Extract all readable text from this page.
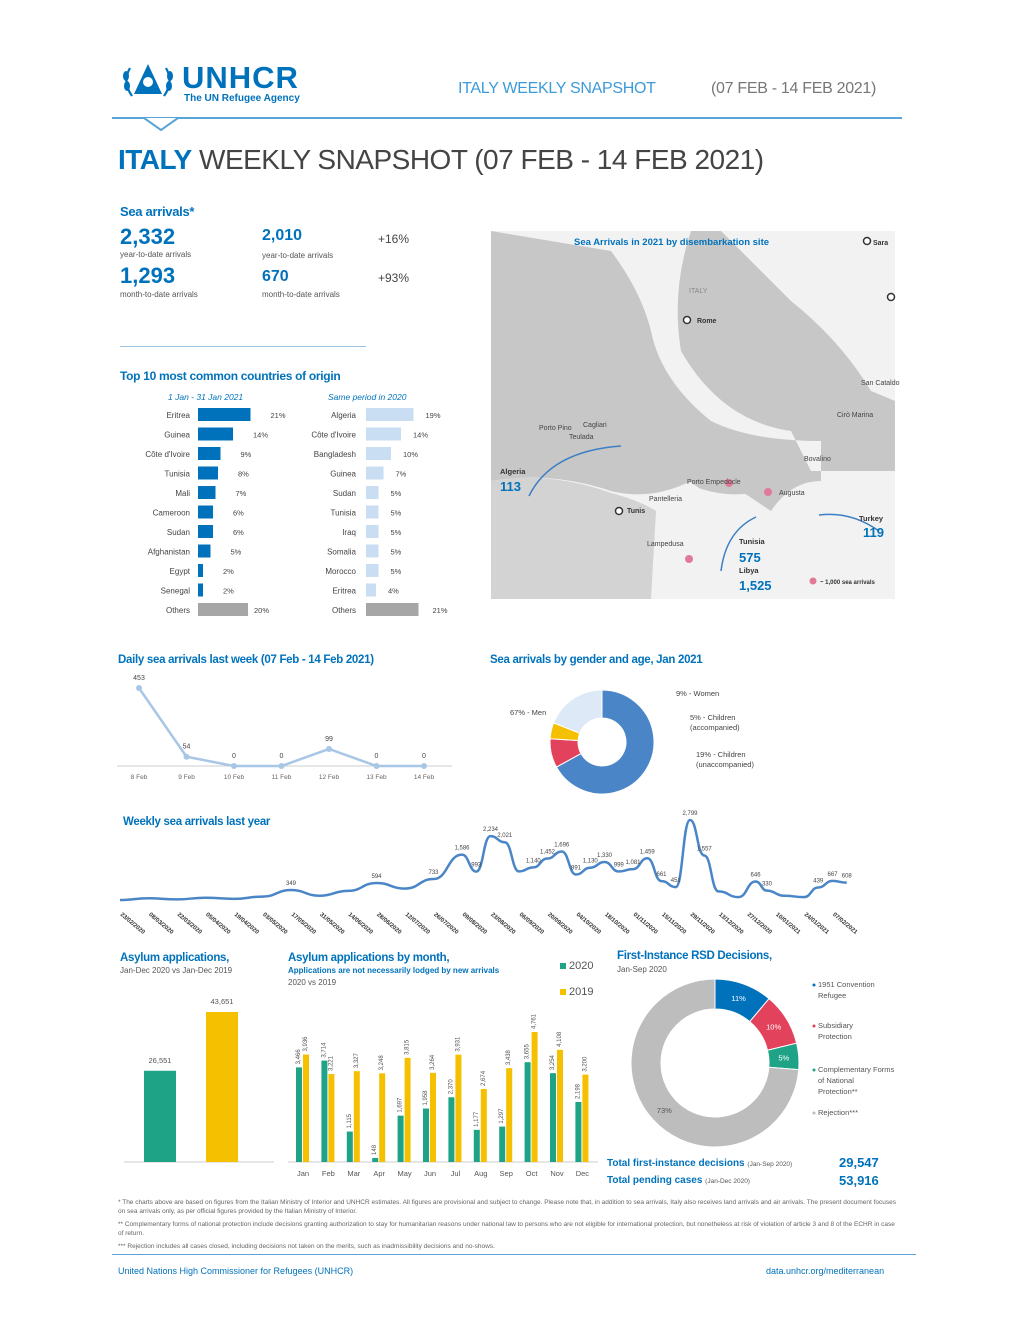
UNHCR
The UN Refugee Agency
ITALY WEEKLY SNAPSHOT	(07 FEB - 14 FEB 2021)
ITALY WEEKLY SNAPSHOT (07 FEB - 14 FEB 2021)
Sea arrivals*
2,332
year-to-date arrivals
1,293
month-to-date arrivals
2,010
year-to-date arrivals
670
month-to-date arrivals
+16%
+93%
Top 10 most common countries of origin
1 Jan - 31 Jan 2021	Same period in 2020
Eritrea	21%
Guinea	14%
Côte d'Ivoire	9%
Tunisia	8%
Mali	7%
Cameroon	6%
Sudan	6%
Afghanistan	5%
Egypt	2%
Senegal	2%
Others	20%
Algeria	19%
Côte d'Ivoire	14%
Bangladesh	10%
Guinea	7%
Sudan	5%
Tunisia	5%
Iraq	5%
Somalia	5%
Morocco	5%
Eritrea	4%
Others	21%
Sea Arrivals in 2021 by disembarkation site
Rome
ITALY
Sara
San Cataldo
Cirò Marina
Bovalino
Porto Pino Cagliari
Teulada
Porto Empedocle
Augusta
Pantelleria
Tunis
Lampedusa
Algeria
113
Turkey
119
Tunisia
575
Libya
1,525	~ 1,000 sea arrivals
Daily sea arrivals last week (07 Feb - 14 Feb 2021)
453
8 Feb
54
9 Feb
0
10 Feb
0
11 Feb
99
12 Feb
0
13 Feb
0
14 Feb
Sea arrivals by gender and age, Jan 2021
67% - Men
9% - Women
5% - Children (accompanied)
19% - Children (unaccompanied)
Weekly sea arrivals last year
349
594
733
1,586
993
2,234
2,021
1,140
1,452
1,696
891
1,130
1,330
999 1,081
1,459
661
451
2,799
1,557
646
330
439
667 608
23/02/2020 08/03/2020 22/03/2020 05/04/2020 19/04/2020 03/05/2020 17/05/2020 31/05/2020 14/06/2020 28/06/2020 12/07/2020 26/07/2020 09/08/2020 23/08/2020 06/09/2020 20/09/2020 04/10/2020 18/10/2020 01/11/2020 15/11/2020 29/11/2020 13/12/2020 27/12/2020 10/01/2021 24/01/2021 07/02/2021
Asylum applications,
Jan-Dec 2020 vs Jan-Dec 2019
26,551
43,651
Asylum applications by month,
Applications are not necessarily lodged by new arrivals
2020 vs 2019
2020
2019
3,466
3,936
Jan
3,714
3,221
Feb
1,115
3,327
Mar
148
3,248
Apr
1,697
3,815
May
1,958
3,264
Jun
2,370
3,931
Jul
1,177
2,674
Aug
1,297
3,438
Sep
3,655
4,761
Oct
3,254
4,108
Nov
2,198
3,200
Dec
First-Instance RSD Decisions,
Jan-Sep 2020
11%
10%
5%
73%
1951 Convention Refugee
Subsidiary Protection
Complementary Forms of National Protection**
Rejection***
Total first-instance decisions (Jan-Sep 2020)	29,547
Total pending cases (Jan-Dec 2020)	53,916
* The charts above are based on figures from the Italian Ministry of Interior and UNHCR estimates. All figures are provisional and subject to change. Please note that, in addition to sea arrivals, Italy also receives land arrivals and air arrivals. The present document focuses on sea arrivals only, as per official figures provided by the Italian Ministry of Interior.
** Complementary forms of national protection include decisions granting authorization to stay for humanitarian reasons under national law to persons who are not eligible for international protection, but nonetheless at risk of violation of article 3 and 8 of the ECHR in case of return.
*** Rejection includes all cases closed, including decisions not taken on the merits, such as inadmissibility decisions and no-shows.
United Nations High Commissioner for Refugees (UNHCR)	data.unhcr.org/mediterranean
